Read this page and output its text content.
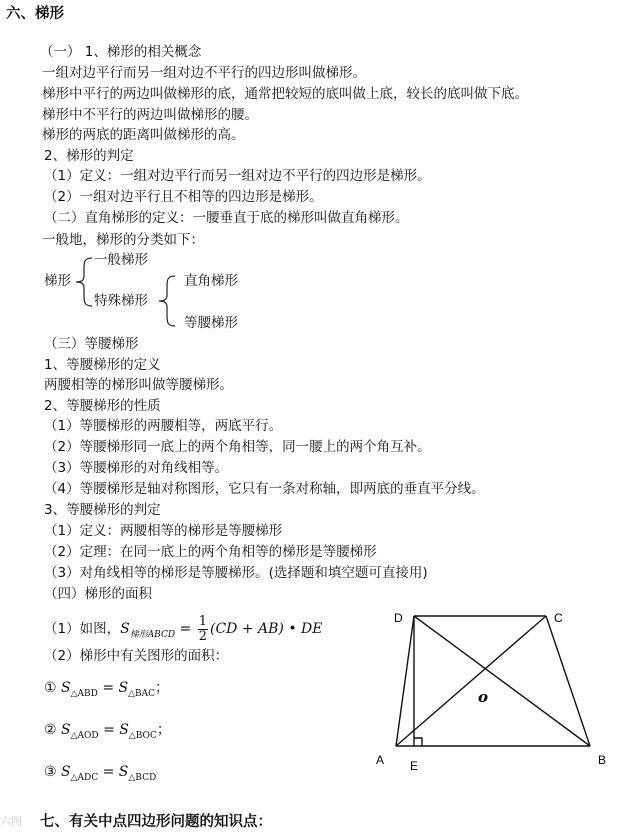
六、梯形
（一） 1、梯形的相关概念
一组对边平行而另一组对边不平行的四边形叫做梯形。
梯形中平行的两边叫做梯形的底，通常把较短的底叫做上底，较长的底叫做下底。
梯形中不平行的两边叫做梯形的腰。
梯形的两底的距离叫做梯形的高。
2、梯形的判定
（1）定义：一组对边平行而另一组对边不平行的四边形是梯形。
（2）一组对边平行且不相等的四边形是梯形。
（二）直角梯形的定义：一腰垂直于底的梯形叫做直角梯形。
一般地，梯形的分类如下：
梯形
一般梯形
特殊梯形
直角梯形
等腰梯形
（三）等腰梯形
1、等腰梯形的定义
两腰相等的梯形叫做等腰梯形。
2、等腰梯形的性质
（1）等腰梯形的两腰相等，两底平行。
（2）等腰梯形同一底上的两个角相等，同一腰上的两个角互补。
（3）等腰梯形的对角线相等。
（4）等腰梯形是轴对称图形，它只有一条对称轴，即两底的垂直平分线。
3、等腰梯形的判定
（1）定义：两腰相等的梯形是等腰梯形
（2）定理：在同一底上的两个角相等的梯形是等腰梯形
（3）对角线相等的梯形是等腰梯形。(选择题和填空题可直接用)
（四）梯形的面积
（1）如图，$S_{梯形ABCD} = \frac{1}{2} (CD + AB)$ • DE
（2）梯形中有关图形的面积：
① $S_{\triangle ABD} = S_{\triangle BAC}$；
② $S_{\triangle AOD} = S_{\triangle BOC}$；
③ $S_{\triangle ADC} = S_{\triangle BCD}$
D	C
A E	B
o
七、有关中点四边形问题的知识点：
六图
